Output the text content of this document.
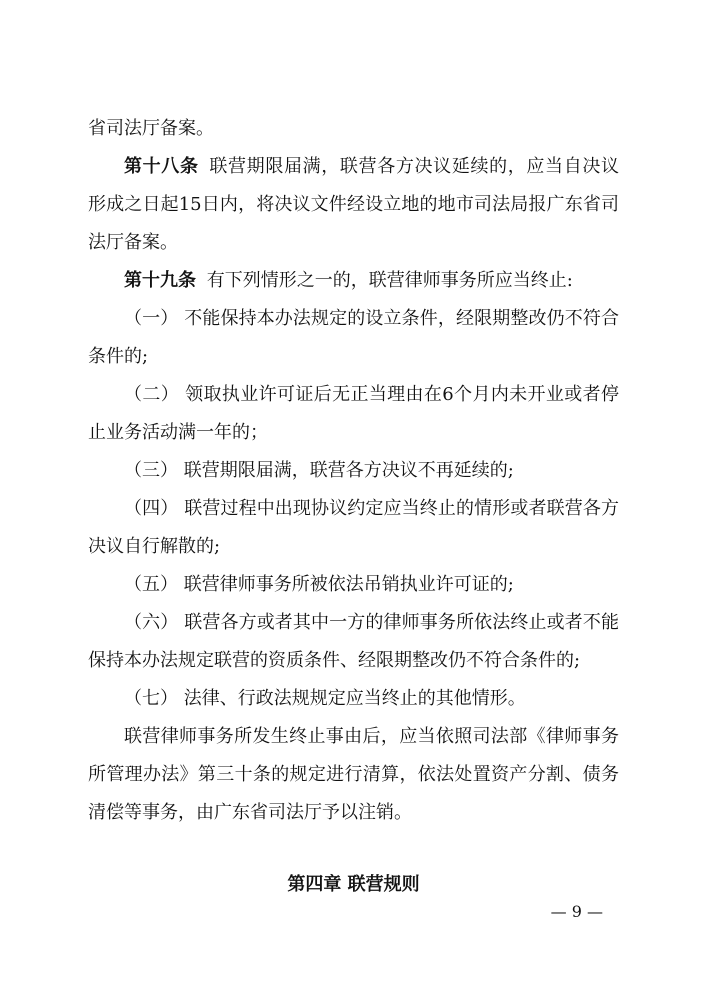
省司法厅备案。

第十八条 联营期限届满，联营各方决议延续的，应当自决议形成之日起15日内，将决议文件经设立地的地市司法局报广东省司法厅备案。

第十九条 有下列情形之一的，联营律师事务所应当终止:

（一） 不能保持本办法规定的设立条件，经限期整改仍不符合条件的;

（二） 领取执业许可证后无正当理由在6个月内未开业或者停止业务活动满一年的；

（三） 联营期限届满，联营各方决议不再延续的;

（四） 联营过程中出现协议约定应当终止的情形或者联营各方决议自行解散的;

（五） 联营律师事务所被依法吊销执业许可证的;

（六） 联营各方或者其中一方的律师事务所依法终止或者不能保持本办法规定联营的资质条件、经限期整改仍不符合条件的;

（七） 法律、行政法规规定应当终止的其他情形。

联营律师事务所发生终止事由后，应当依照司法部《律师事务所管理办法》第三十条的规定进行清算，依法处置资产分割、债务清偿等事务，由广东省司法厅予以注销。

第四章 联营规则
— 9 —
